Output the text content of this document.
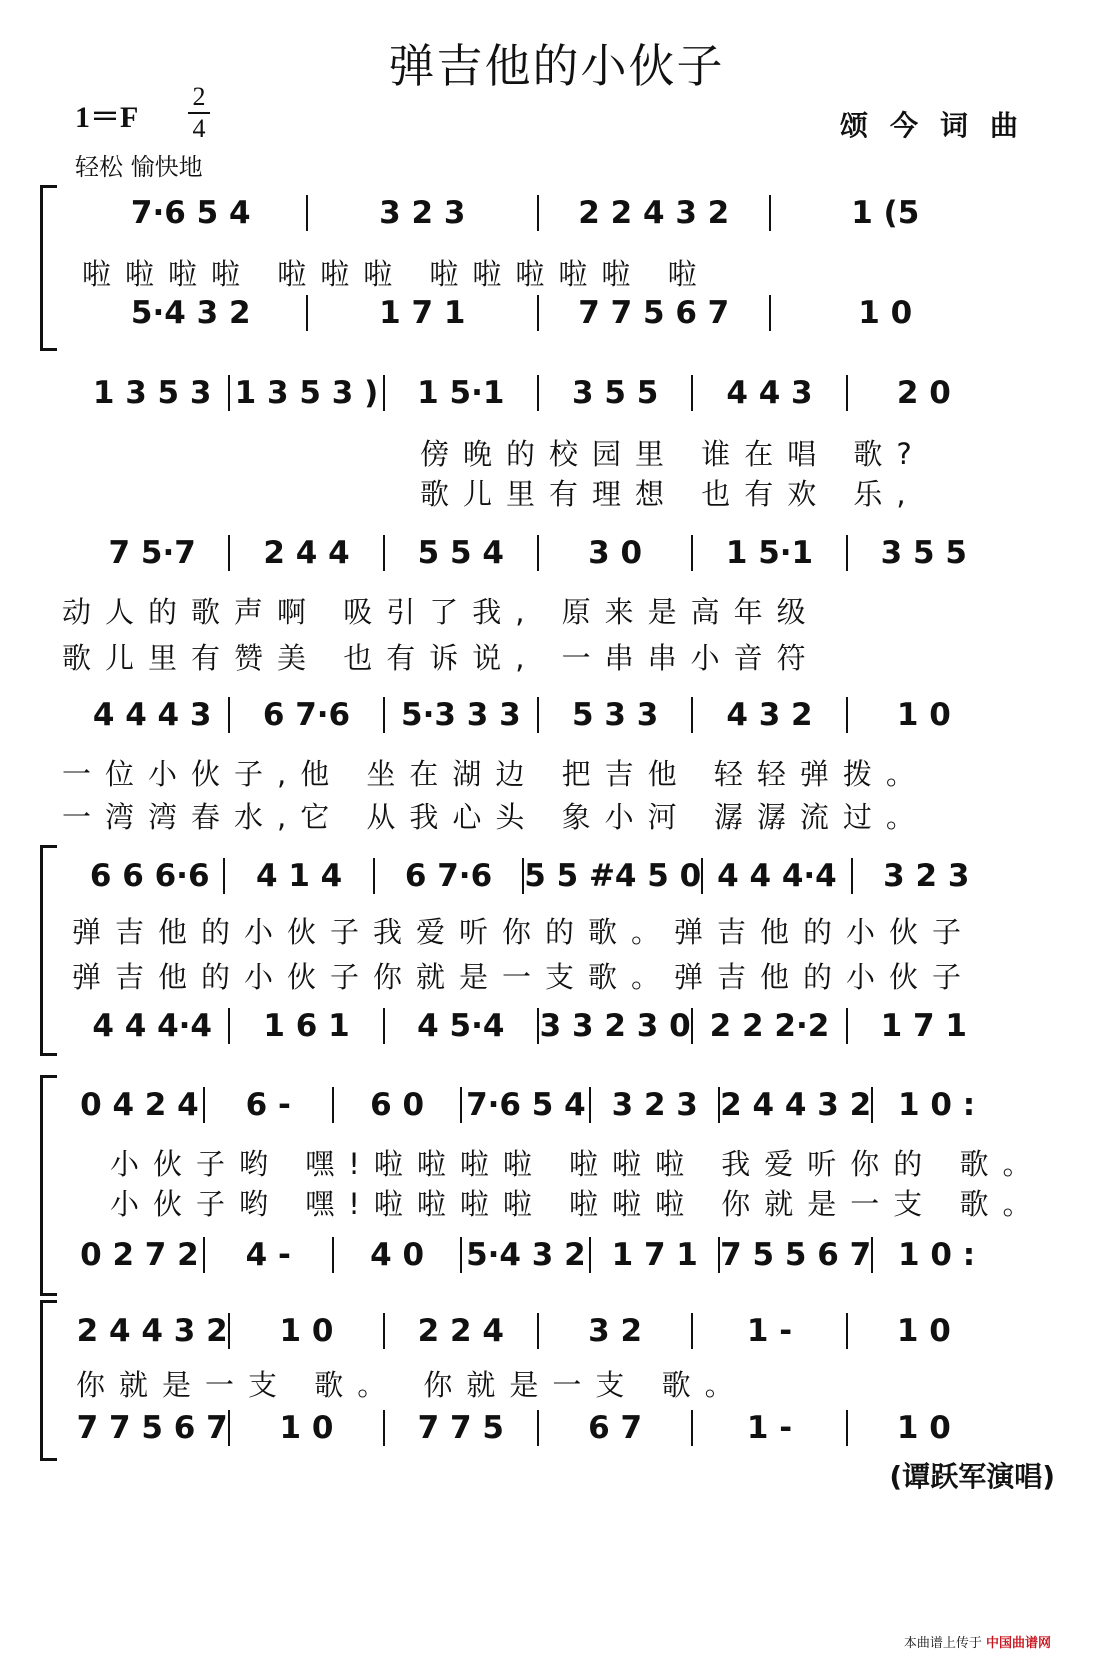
弹吉他的小伙子
1＝F
2
4
轻松 愉快地
颂今词曲
7·6 5 4	3 2 3	2 2 4 3 2	1 (5
5·4 3 2	1 7 1	7 7 5 6 7	1 0
1 3 5 3 1 3 5 3 )	1 5·1	3 5 5	4 4 3	2 0
7 5·7	2 4 4	5 5 4	3 0	1 5·1	3 5 5
4 4 4 3	6 7·6	5·3 3 3	5 3 3	4 3 2	1 0
6 6 6·6	4 1 4	6 7·6	5 5 #4 5 0 4 4 4·4	3 2 3
4 4 4·4	1 6 1	4 5·4	3 3 2 3 0 2 2 2·2	1 7 1
0 4 2 4	6 -	6 0	7·6 5 4 3 2 3 2 4 4 3 2 1 0 :
0 2 7 2	4 -	4 0	5·4 3 2 1 7 1 7 5 5 6 7 1 0 :
2 4 4 3 2	1 0	2 2 4	3 2	1 -	1 0
7 7 5 6 7	1 0	7 7 5	6 7	1 -	1 0
啦啦啦啦 啦啦啦 啦啦啦啦啦 啦
傍晚的校园里 谁在唱 歌?
歌儿里有理想 也有欢 乐,
动人的歌声啊 吸引了我, 原来是高年级
歌儿里有赞美 也有诉说, 一串串小音符
一位小伙子,他 坐在湖边 把吉他 轻轻弹拨。
一湾湾春水,它 从我心头 象小河 潺潺流过。
弹吉他的小伙子我爱听你的歌。弹吉他的小伙子
弹吉他的小伙子你就是一支歌。弹吉他的小伙子
小伙子哟 嘿!啦啦啦啦 啦啦啦 我爱听你的 歌。
小伙子哟 嘿!啦啦啦啦 啦啦啦 你就是一支 歌。
你就是一支 歌。 你就是一支 歌。
(谭跃军演唱)
本曲谱上传于 中国曲谱网
